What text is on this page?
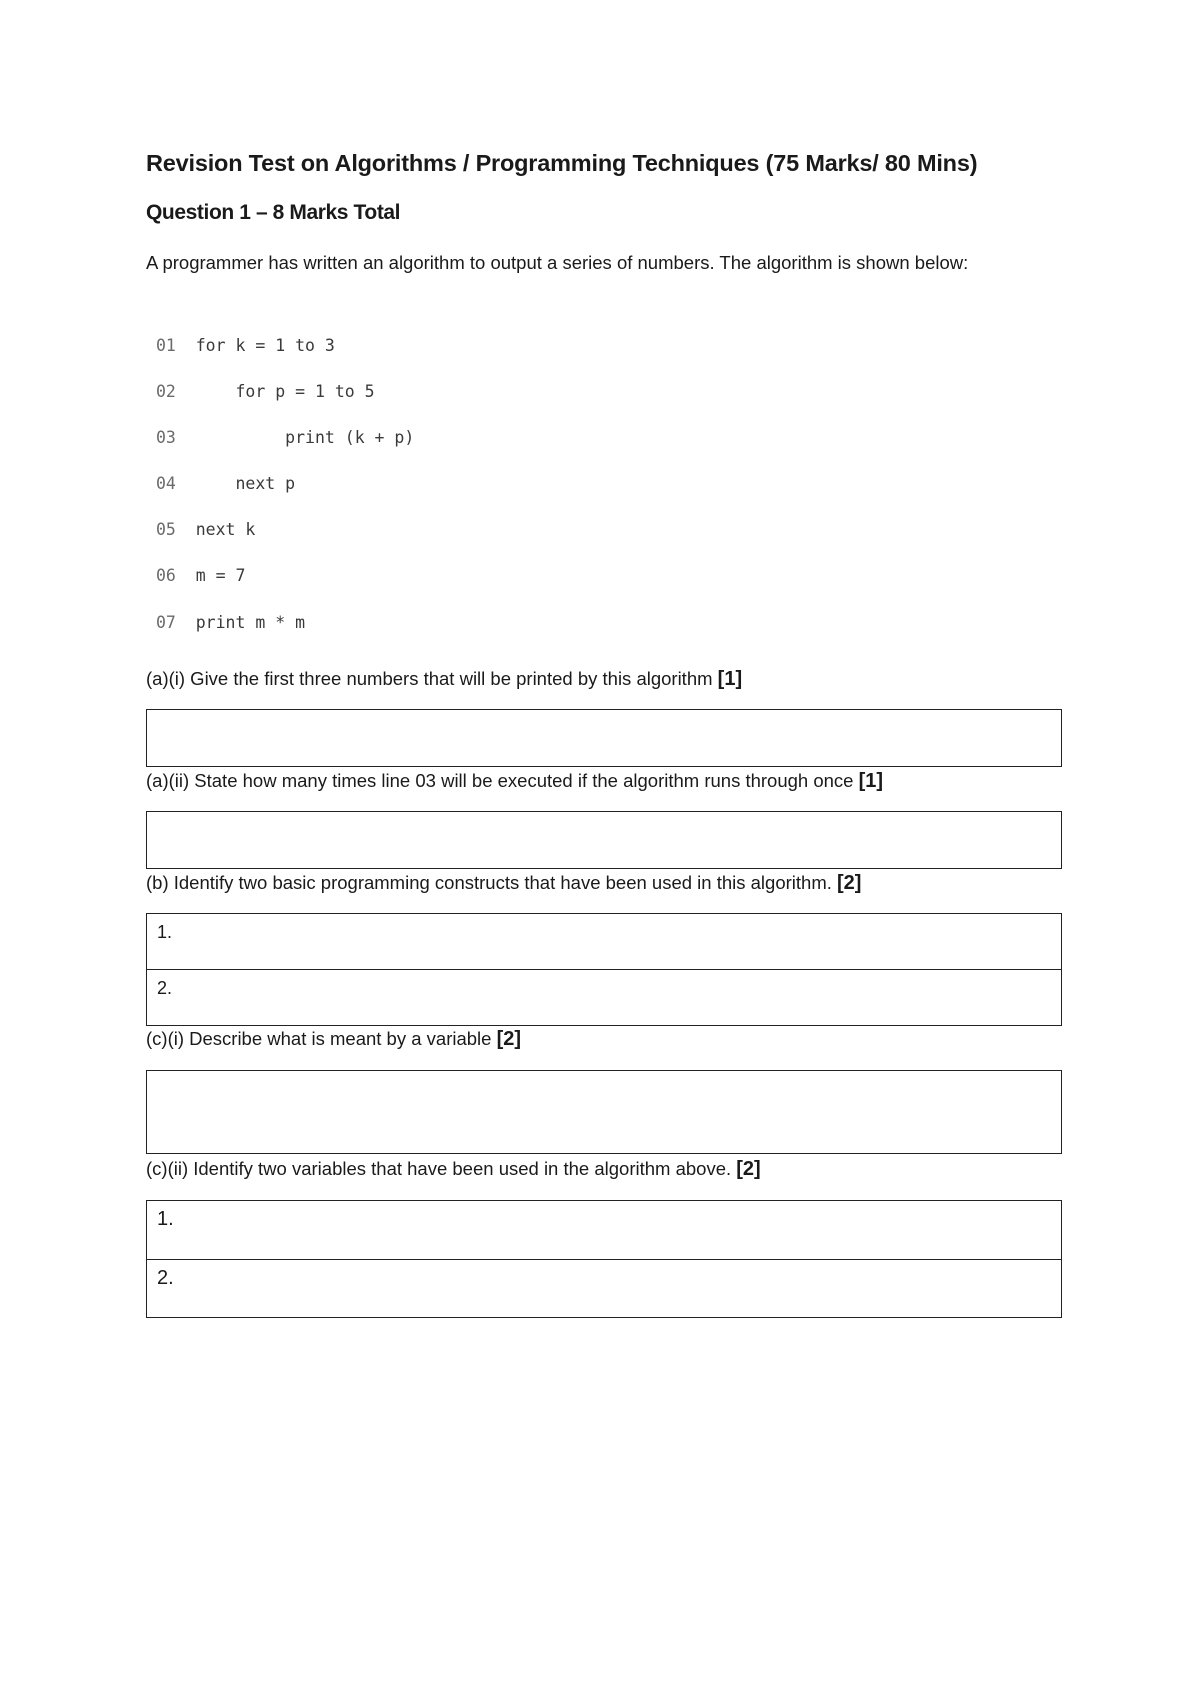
Revision Test on Algorithms / Programming Techniques (75 Marks/ 80 Mins)
Question 1 – 8 Marks Total
A programmer has written an algorithm to output a series of numbers. The algorithm is shown below:
01 for k = 1 to 3
02      for p = 1 to 5
03           print (k + p)
04      next p
05 next k
06 m = 7
07 print m * m
(a)(i) Give the first three numbers that will be printed by this algorithm [1]
(a)(ii) State how many times line 03 will be executed if the algorithm runs through once [1]
(b) Identify two basic programming constructs that have been used in this algorithm. [2]
1.
2.
(c)(i) Describe what is meant by a variable [2]
(c)(ii) Identify two variables that have been used in the algorithm above. [2]
1.
2.
